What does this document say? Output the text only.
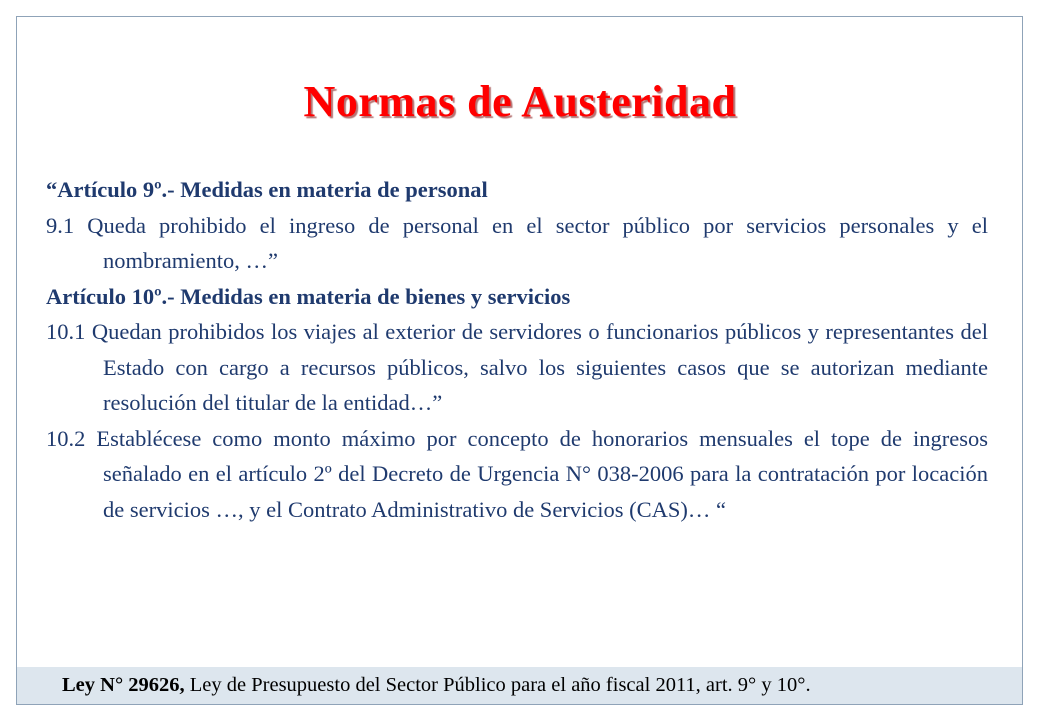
Normas de Austeridad

“Artículo 9º.- Medidas en materia de personal

9.1 Queda prohibido el ingreso de personal en el sector público por servicios personales y el nombramiento, …”

Artículo 10º.- Medidas en materia de bienes y servicios

10.1 Quedan prohibidos los viajes al exterior de servidores o funcionarios públicos y representantes del Estado con cargo a recursos públicos, salvo los siguientes casos que se autorizan mediante resolución del titular de la entidad…”

10.2 Establécese como monto máximo por concepto de honorarios mensuales el tope de ingresos señalado en el artículo 2º del Decreto de Urgencia N° 038-2006 para la contratación por locación de servicios …, y el Contrato Administrativo de Servicios (CAS)… “

Ley N° 29626, Ley de Presupuesto del Sector Público para el año fiscal 2011, art. 9° y 10°.
